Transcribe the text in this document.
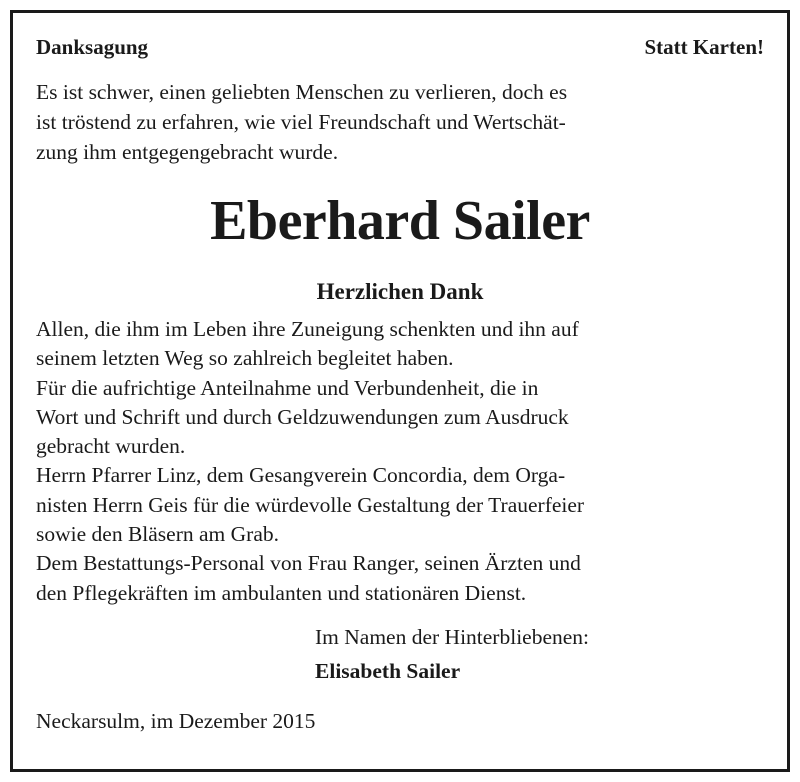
Danksagung	Statt Karten!
Es ist schwer, einen geliebten Menschen zu verlieren, doch es
ist tröstend zu erfahren, wie viel Freundschaft und Wertschät-
zung ihm entgegengebracht wurde.
Eberhard Sailer
Herzlichen Dank
Allen, die ihm im Leben ihre Zuneigung schenkten und ihn auf
seinem letzten Weg so zahlreich begleitet haben.
Für die aufrichtige Anteilnahme und Verbundenheit, die in
Wort und Schrift und durch Geldzuwendungen zum Ausdruck
gebracht wurden.
Herrn Pfarrer Linz, dem Gesangverein Concordia, dem Orga-
nisten Herrn Geis für die würdevolle Gestaltung der Trauerfeier
sowie den Bläsern am Grab.
Dem Bestattungs-Personal von Frau Ranger, seinen Ärzten und
den Pflegekräften im ambulanten und stationären Dienst.
Im Namen der Hinterbliebenen:
Elisabeth Sailer
Neckarsulm, im Dezember 2015
